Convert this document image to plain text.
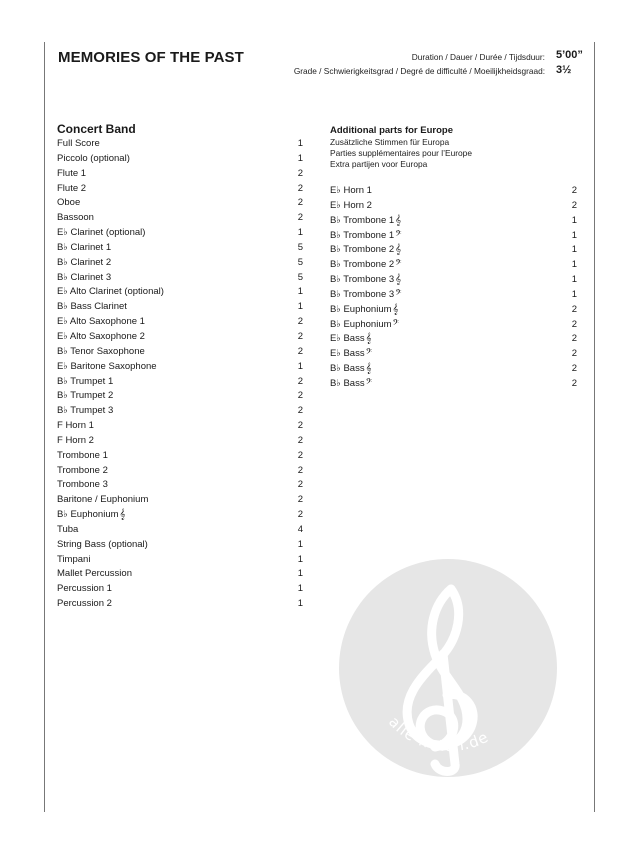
MEMORIES OF THE PAST	Duration / Dauer / Durée / Tijdsduur: 5’00”
Grade / Schwierigkeitsgrad / Degré de difficulté / Moeilijkheidsgraad: 3½
Concert Band
Full Score	1
Piccolo (optional)	1
Flute 1	2
Flute 2	2
Oboe	2
Bassoon	2
E♭ Clarinet (optional)	1
B♭ Clarinet 1	5
B♭ Clarinet 2	5
B♭ Clarinet 3	5
E♭ Alto Clarinet (optional)	1
B♭ Bass Clarinet	1
E♭ Alto Saxophone 1	2
E♭ Alto Saxophone 2	2
B♭ Tenor Saxophone	2
E♭ Baritone Saxophone	1
B♭ Trumpet 1	2
B♭ Trumpet 2	2
B♭ Trumpet 3	2
F Horn 1	2
F Horn 2	2
Trombone 1	2
Trombone 2	2
Trombone 3	2
Baritone / Euphonium	2
B♭ Euphonium𝄞	2
Tuba	4
String Bass (optional)	1
Timpani	1
Mallet Percussion	1
Percussion 1	1
Percussion 2	1
Additional parts for Europe
Zusätzliche Stimmen für Europa
Parties supplémentaires pour l’Europe
Extra partijen voor Europa
E♭ Horn 1	2
E♭ Horn 2	2
B♭ Trombone 1𝄞	1
B♭ Trombone 1𝄢	1
B♭ Trombone 2𝄞	1
B♭ Trombone 2𝄢	1
B♭ Trombone 3𝄞	1
B♭ Trombone 3𝄢	1
B♭ Euphonium𝄞	2
B♭ Euphonium𝄢	2
E♭ Bass𝄞	2
E♭ Bass𝄢	2
B♭ Bass𝄞	2
B♭ Bass𝄢	2
alle-noten.de
